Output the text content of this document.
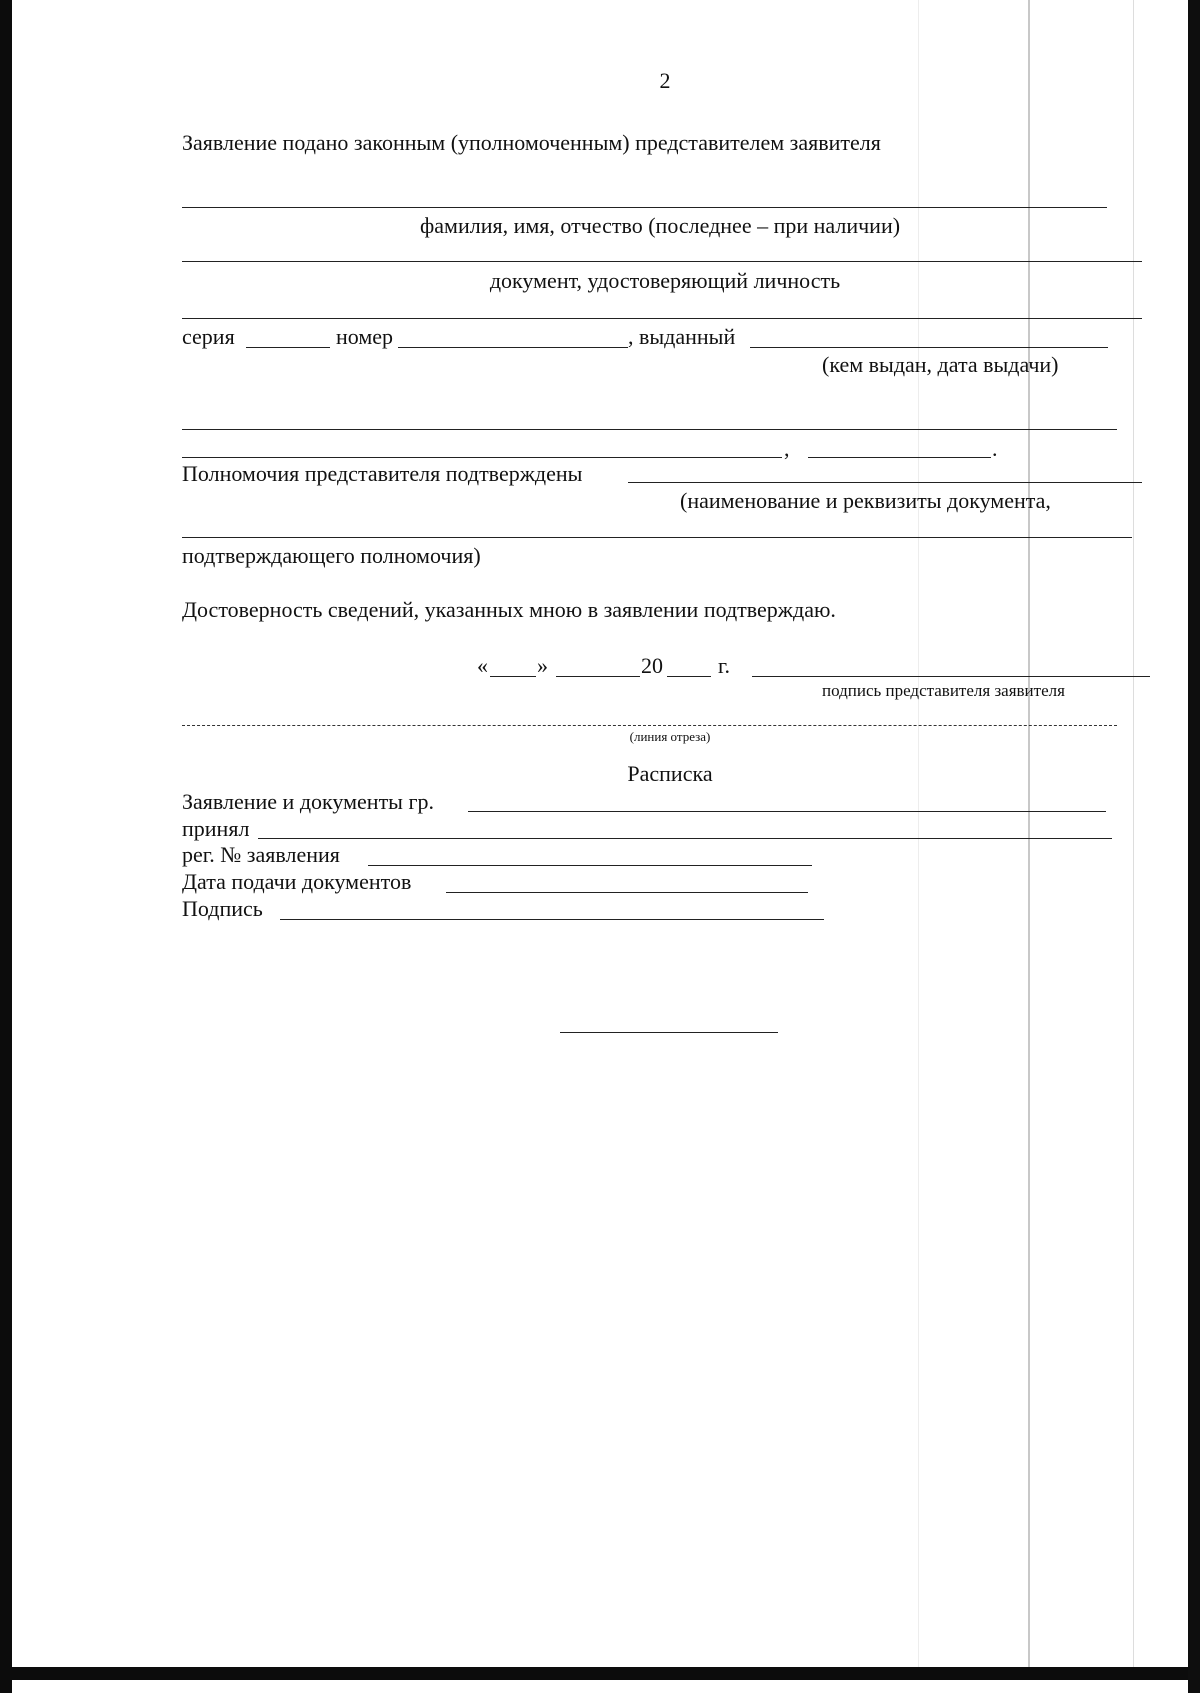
2
Заявление подано законным (уполномоченным) представителем заявителя
фамилия, имя, отчество (последнее – при наличии)
документ, удостоверяющий личность
серия	номер	, выданный
(кем выдан, дата выдачи)
,	.
Полномочия представителя подтверждены
(наименование и реквизиты документа,
подтверждающего полномочия)
Достоверность сведений, указанных мною в заявлении подтверждаю.
« »	20	г.
подпись представителя заявителя
(линия отреза)
Расписка
Заявление и документы гр.
принял
рег. № заявления
Дата подачи документов
Подпись
